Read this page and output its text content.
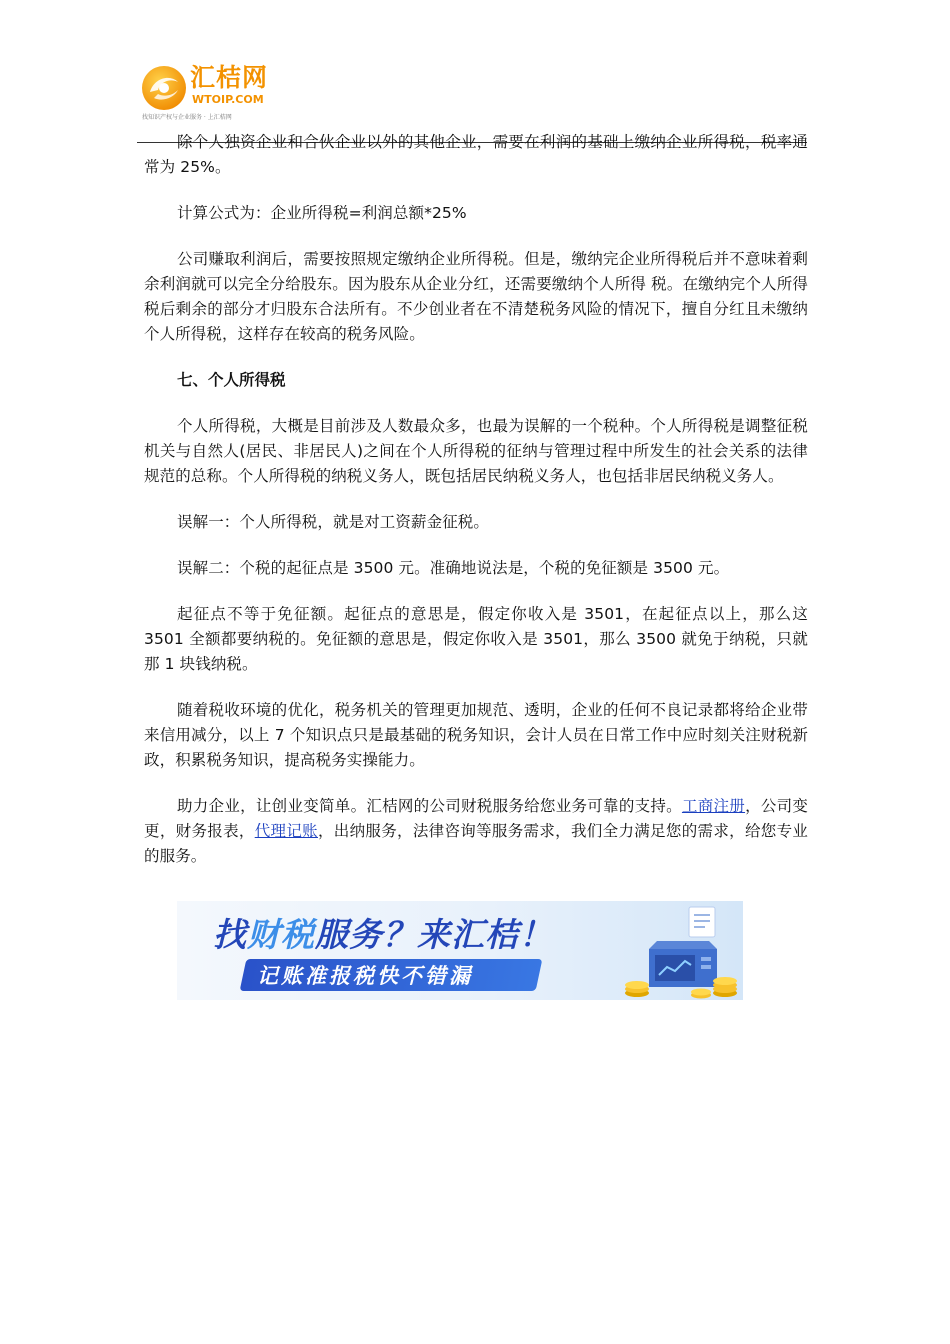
汇桔网
WTOIP.COM
找知识产权与企业服务 · 上汇桔网

除个人独资企业和合伙企业以外的其他企业，需要在利润的基础上缴纳企业所得税，税率通常为 25%。

计算公式为：企业所得税=利润总额*25%

公司赚取利润后，需要按照规定缴纳企业所得税。但是，缴纳完企业所得税后并不意味着剩余利润就可以完全分给股东。因为股东从企业分红，还需要缴纳个人所得 税。在缴纳完个人所得税后剩余的部分才归股东合法所有。不少创业者在不清楚税务风险的情况下，擅自分红且未缴纳个人所得税，这样存在较高的税务风险。

七、个人所得税

个人所得税，大概是目前涉及人数最众多，也最为误解的一个税种。个人所得税是调整征税机关与自然人(居民、非居民人)之间在个人所得税的征纳与管理过程中所发生的社会关系的法律规范的总称。个人所得税的纳税义务人，既包括居民纳税义务人，也包括非居民纳税义务人。

误解一：个人所得税，就是对工资薪金征税。

误解二：个税的起征点是 3500 元。准确地说法是，个税的免征额是 3500 元。

起征点不等于免征额。起征点的意思是，假定你收入是 3501，在起征点以上，那么这 3501 全额都要纳税的。免征额的意思是，假定你收入是 3501，那么 3500 就免于纳税，只就那 1 块钱纳税。

随着税收环境的优化，税务机关的管理更加规范、透明，企业的任何不良记录都将给企业带来信用减分，以上 7 个知识点只是最基础的税务知识，会计人员在日常工作中应时刻关注财税新政，积累税务知识，提高税务实操能力。

助力企业，让创业变简单。汇桔网的公司财税服务给您业务可靠的支持。工商注册，公司变更，财务报表，代理记账，出纳服务，法律咨询等服务需求，我们全力满足您的需求，给您专业的服务。

找财税服务？来汇桔！
记账准报税快不错漏
